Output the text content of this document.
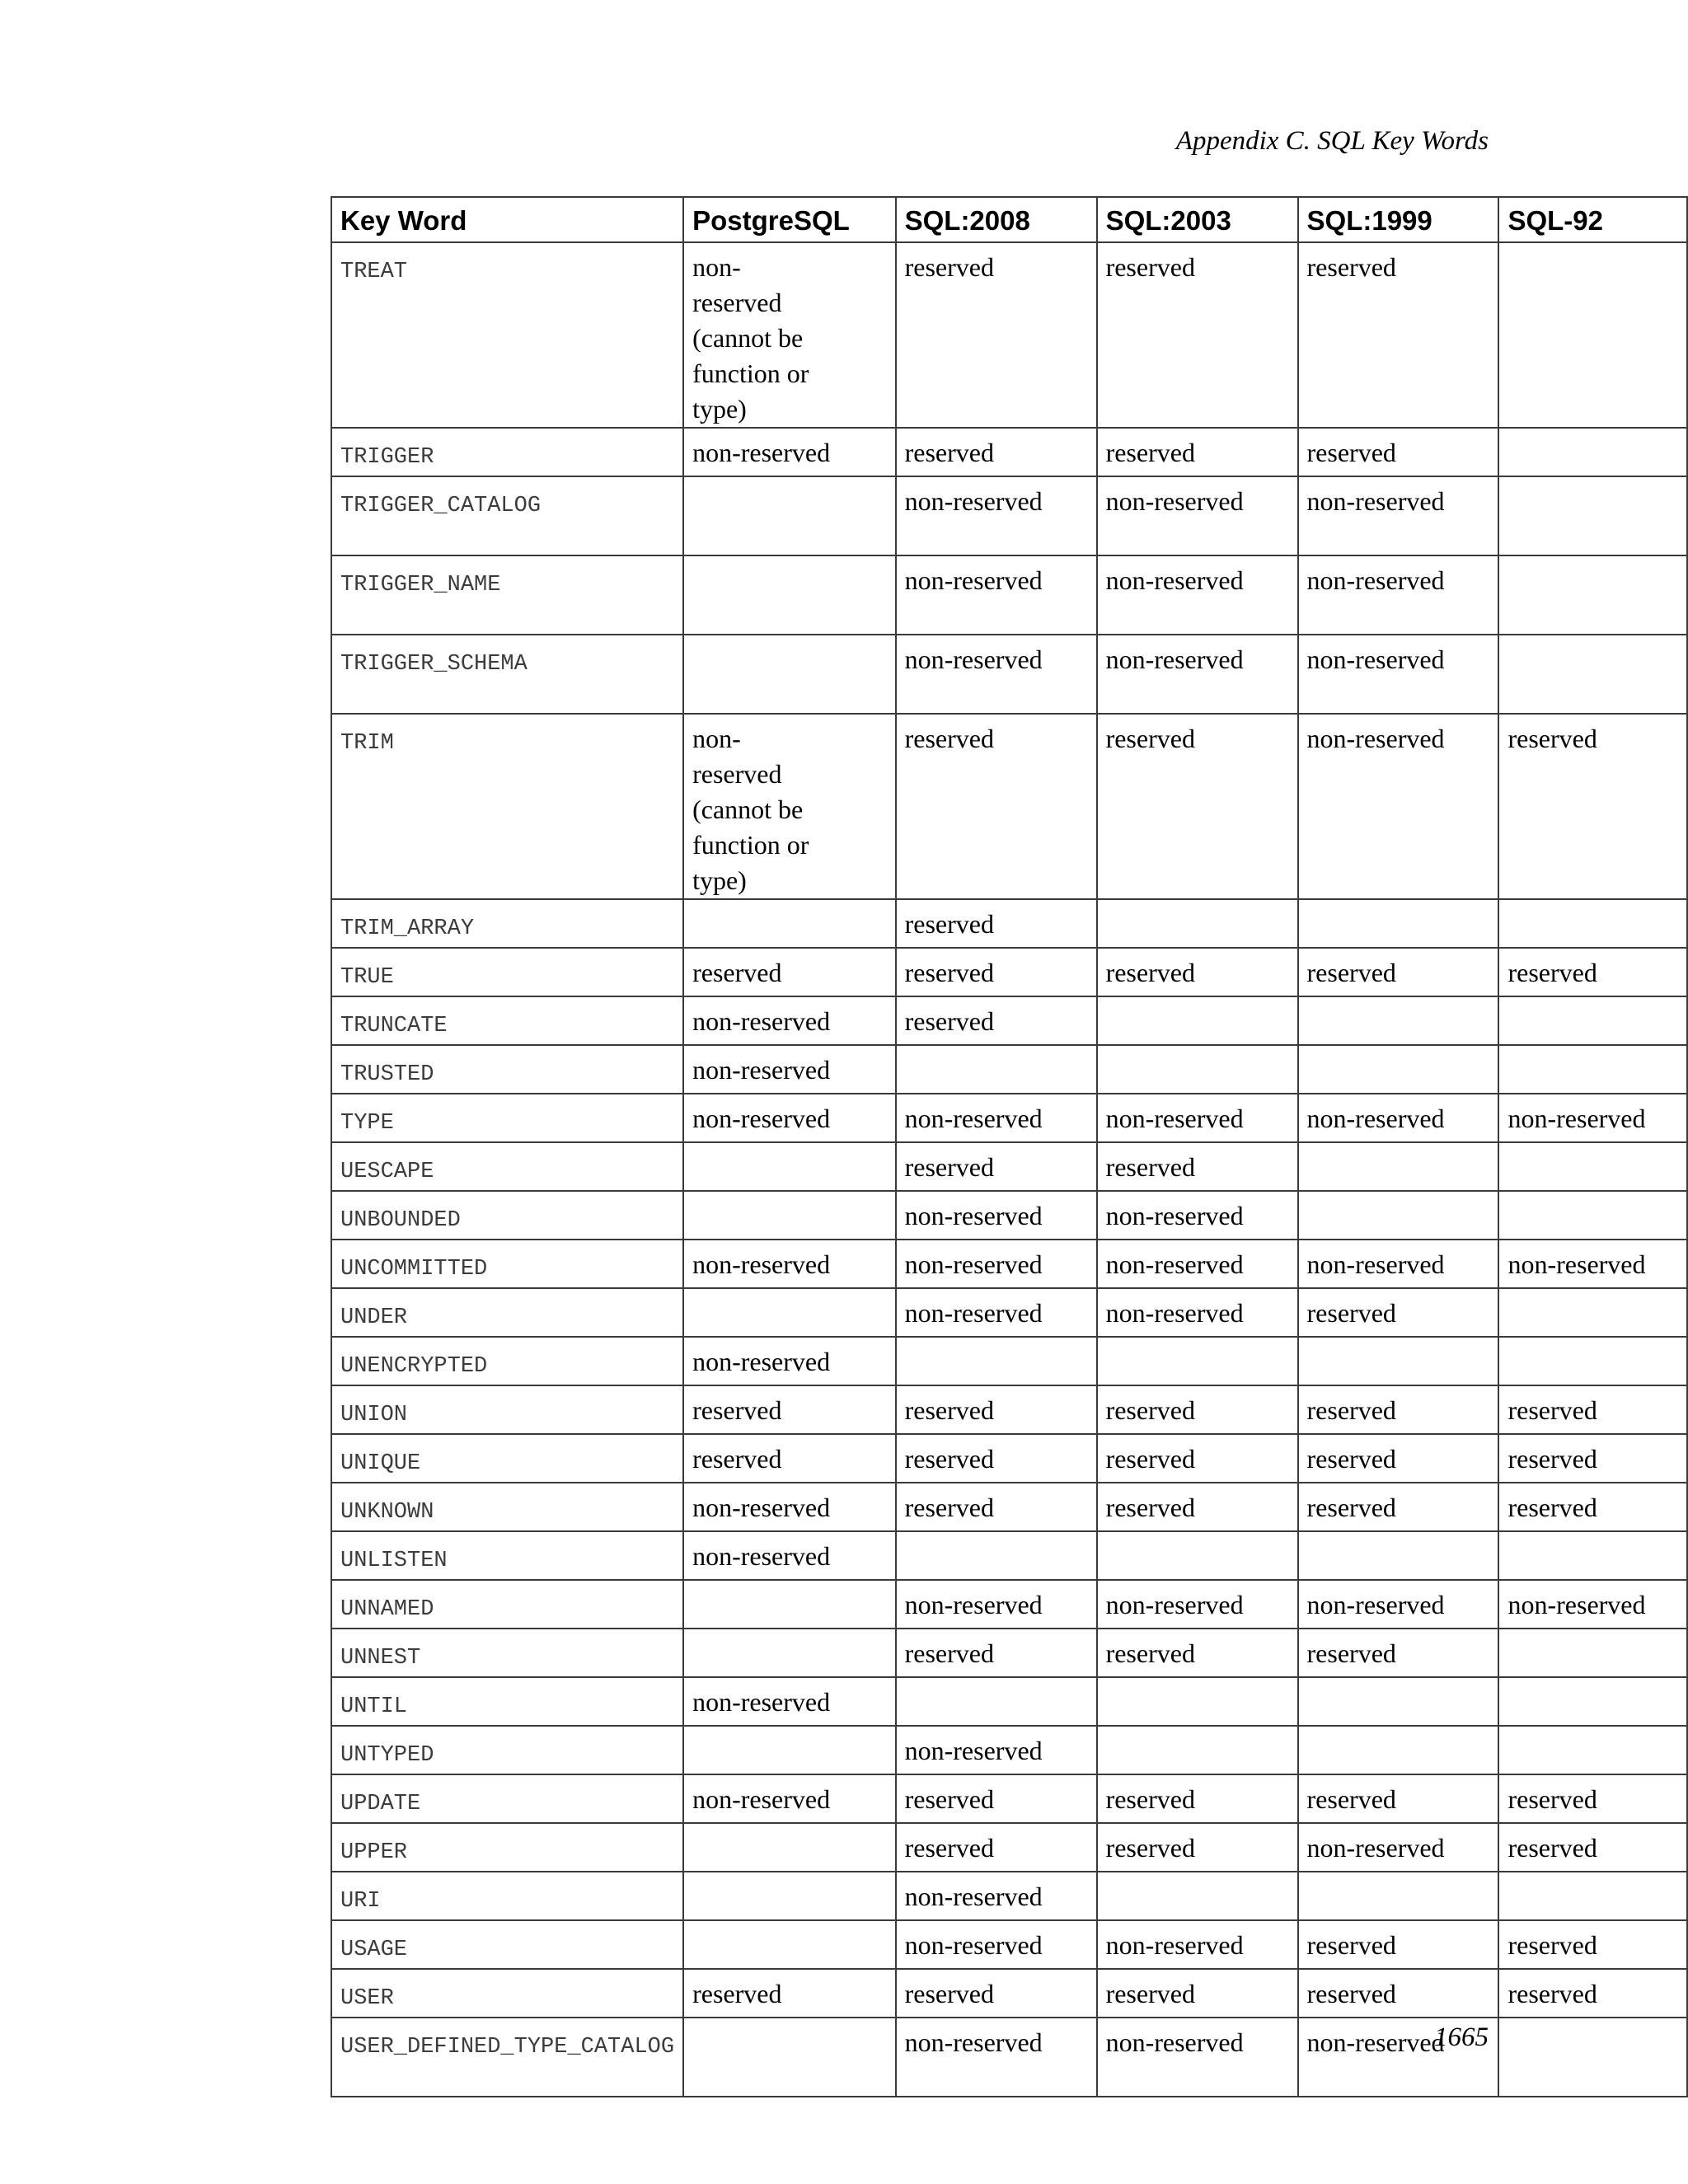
Appendix C. SQL Key Words
Key Word	PostgreSQL	SQL:2008	SQL:2003	SQL:1999	SQL-92
TREAT	non-reserved (cannot be function or type)	reserved	reserved	reserved	
TRIGGER	non-reserved	reserved	reserved	reserved	
TRIGGER_CATALOG		non-reserved	non-reserved	non-reserved	
TRIGGER_NAME		non-reserved	non-reserved	non-reserved	
TRIGGER_SCHEMA		non-reserved	non-reserved	non-reserved	
TRIM	non-reserved (cannot be function or type)	reserved	reserved	non-reserved	reserved
TRIM_ARRAY		reserved			
TRUE	reserved	reserved	reserved	reserved	reserved
TRUNCATE	non-reserved	reserved			
TRUSTED	non-reserved				
TYPE	non-reserved	non-reserved	non-reserved	non-reserved	non-reserved
UESCAPE		reserved	reserved		
UNBOUNDED		non-reserved	non-reserved		
UNCOMMITTED	non-reserved	non-reserved	non-reserved	non-reserved	non-reserved
UNDER		non-reserved	non-reserved	reserved	
UNENCRYPTED	non-reserved				
UNION	reserved	reserved	reserved	reserved	reserved
UNIQUE	reserved	reserved	reserved	reserved	reserved
UNKNOWN	non-reserved	reserved	reserved	reserved	reserved
UNLISTEN	non-reserved				
UNNAMED		non-reserved	non-reserved	non-reserved	non-reserved
UNNEST		reserved	reserved	reserved	
UNTIL	non-reserved				
UNTYPED		non-reserved			
UPDATE	non-reserved	reserved	reserved	reserved	reserved
UPPER		reserved	reserved	non-reserved	reserved
URI		non-reserved			
USAGE		non-reserved	non-reserved	reserved	reserved
USER	reserved	reserved	reserved	reserved	reserved
USER_DEFINED_TYPE_CATALOG		non-reserved	non-reserved	non-reserved	
1665
